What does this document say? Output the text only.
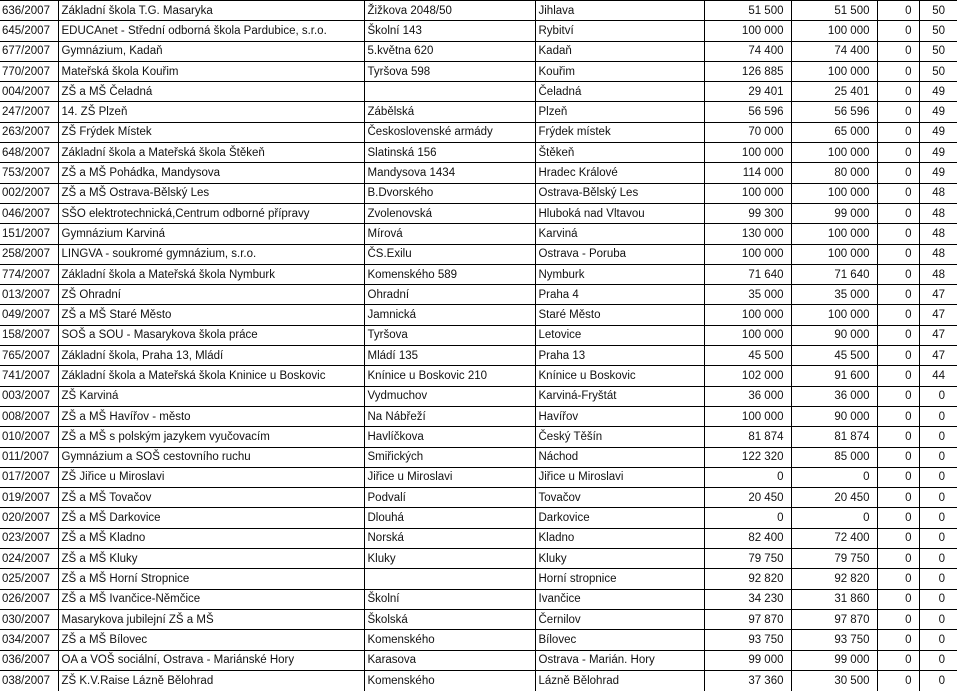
636/2007	Základní škola T.G. Masaryka	Žižkova 2048/50	Jihlava	51 500	51 500	0	50
645/2007	EDUCAnet - Střední odborná škola Pardubice, s.r.o.	Školní 143	Rybitví	100 000	100 000	0	50
677/2007	Gymnázium, Kadaň	5.května 620	Kadaň	74 400	74 400	0	50
770/2007	Mateřská škola Kouřim	Tyršova 598	Kouřim	126 885	100 000	0	50
004/2007	ZŠ a MŠ Čeladná		Čeladná	29 401	25 401	0	49
247/2007	14. ZŠ Plzeň	Zábělská	Plzeň	56 596	56 596	0	49
263/2007	ZŠ Frýdek Místek	Československé armády	Frýdek místek	70 000	65 000	0	49
648/2007	Základní škola a Mateřská škola Štěkeň	Slatinská 156	Štěkeň	100 000	100 000	0	49
753/2007	ZŠ a MŠ Pohádka, Mandysova	Mandysova 1434	Hradec Králové	114 000	80 000	0	49
002/2007	ZŠ a MŠ Ostrava-Bělský Les	B.Dvorského	Ostrava-Bělský Les	100 000	100 000	0	48
046/2007	SŠO elektrotechnická,Centrum odborné přípravy	Zvolenovská	Hluboká nad Vltavou	99 300	99 000	0	48
151/2007	Gymnázium Karviná	Mírová	Karviná	130 000	100 000	0	48
258/2007	LINGVA - soukromé gymnázium, s.r.o.	ČS.Exilu	Ostrava - Poruba	100 000	100 000	0	48
774/2007	Základní škola a Mateřská škola Nymburk	Komenského 589	Nymburk	71 640	71 640	0	48
013/2007	ZŠ Ohradní	Ohradní	Praha 4	35 000	35 000	0	47
049/2007	ZŠ a MŠ Staré Město	Jamnická	Staré Město	100 000	100 000	0	47
158/2007	SOŠ a SOU - Masarykova škola práce	Tyršova	Letovice	100 000	90 000	0	47
765/2007	Základní škola, Praha 13, Mládí	Mládí 135	Praha 13	45 500	45 500	0	47
741/2007	Základní škola a Mateřská škola Kninice u Boskovic	Knínice u Boskovic 210	Knínice u Boskovic	102 000	91 600	0	44
003/2007	ZŠ Karviná	Vydmuchov	Karviná-Fryštát	36 000	36 000	0	0
008/2007	ZŠ a MŠ Havířov - město	Na Nábřeží	Havířov	100 000	90 000	0	0
010/2007	ZŠ a MŠ s polským jazykem vyučovacím	Havlíčkova	Český Těšín	81 874	81 874	0	0
011/2007	Gymnázium a SOŠ cestovního ruchu	Smiřických	Náchod	122 320	85 000	0	0
017/2007	ZŠ Jiřice u Miroslavi	Jiřice u Miroslavi	Jiřice u Miroslavi	0	0	0	0
019/2007	ZŠ a MŠ Tovačov	Podvalí	Tovačov	20 450	20 450	0	0
020/2007	ZŠ a MŠ Darkovice	Dlouhá	Darkovice	0	0	0	0
023/2007	ZŠ a MŠ Kladno	Norská	Kladno	82 400	72 400	0	0
024/2007	ZŠ a MŠ Kluky	Kluky	Kluky	79 750	79 750	0	0
025/2007	ZŠ a MŠ Horní Stropnice		Horní stropnice	92 820	92 820	0	0
026/2007	ZŠ a MŠ Ivančice-Němčice	Školní	Ivančice	34 230	31 860	0	0
030/2007	Masarykova jubilejní ZŠ a MŠ	Školská	Černilov	97 870	97 870	0	0
034/2007	ZŠ a MŠ Bílovec	Komenského	Bílovec	93 750	93 750	0	0
036/2007	OA a VOŠ sociální, Ostrava - Mariánské Hory	Karasova	Ostrava - Marián. Hory	99 000	99 000	0	0
038/2007	ZŠ K.V.Raise Lázně Bělohrad	Komenského	Lázně Bělohrad	37 360	30 500	0	0
